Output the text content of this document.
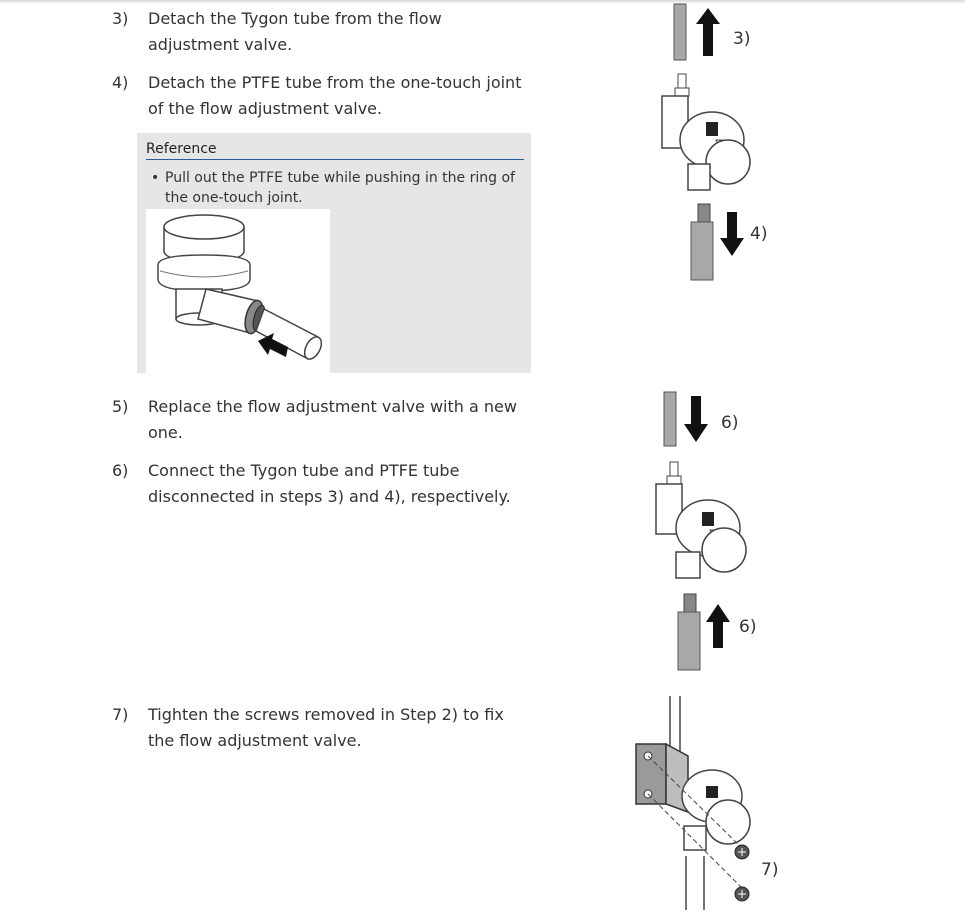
3) Detach the Tygon tube from the flow adjustment valve.
4) Detach the PTFE tube from the one-touch joint of the flow adjustment valve.
Reference
• Pull out the PTFE tube while pushing in the ring of the one-touch joint.
5) Replace the flow adjustment valve with a new one.
6) Connect the Tygon tube and PTFE tube disconnected in steps 3) and 4), respectively.
7) Tighten the screws removed in Step 2) to fix the flow adjustment valve.
3)
4)
6)
6)
7)
